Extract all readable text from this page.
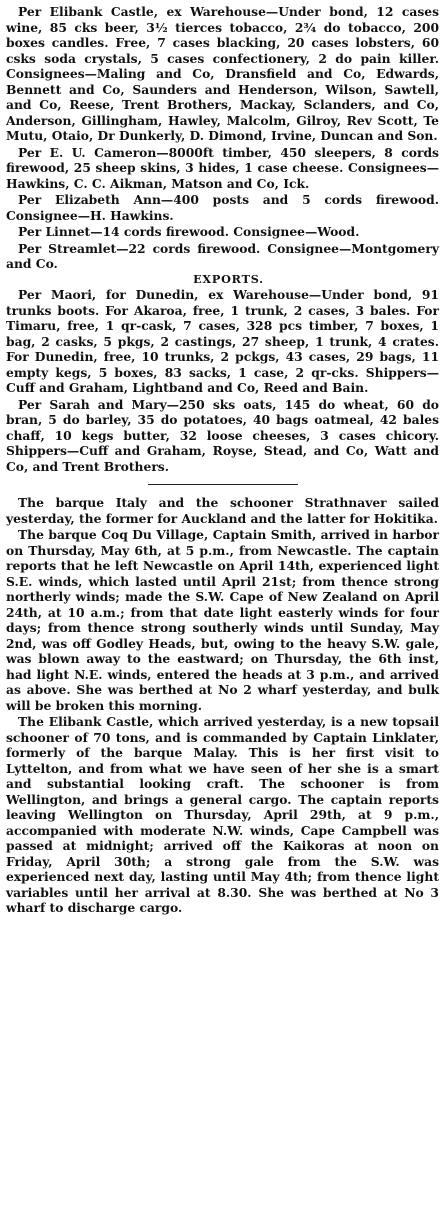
Per Elibank Castle, ex Warehouse—Under bond, 12 cases wine, 85 cks beer, 3½ tierces tobacco, 2¾ do tobacco, 200 boxes candles. Free, 7 cases blacking, 20 cases lobsters, 60 csks soda crystals, 5 cases confectionery, 2 do pain killer. Consignees—Maling and Co, Dransfield and Co, Edwards, Bennett and Co, Saunders and Henderson, Wilson, Sawtell, and Co, Reese, Trent Brothers, Mackay, Sclanders, and Co, Anderson, Gillingham, Hawley, Malcolm, Gilroy, Rev Scott, Te Mutu, Otaio, Dr Dunkerly, D. Dimond, Irvine, Duncan and Son.

Per E. U. Cameron—8000ft timber, 450 sleepers, 8 cords firewood, 25 sheep skins, 3 hides, 1 case cheese. Consignees—Hawkins, C. C. Aikman, Matson and Co, Ick.

Per Elizabeth Ann—400 posts and 5 cords firewood. Consignee—H. Hawkins.

Per Linnet—14 cords firewood. Consignee—Wood.

Per Streamlet—22 cords firewood. Consignee—Montgomery and Co.

EXPORTS.

Per Maori, for Dunedin, ex Warehouse—Under bond, 91 trunks boots. For Akaroa, free, 1 trunk, 2 cases, 3 bales. For Timaru, free, 1 qr-cask, 7 cases, 328 pcs timber, 7 boxes, 1 bag, 2 casks, 5 pkgs, 2 castings, 27 sheep, 1 trunk, 4 crates. For Dunedin, free, 10 trunks, 2 pckgs, 43 cases, 29 bags, 11 empty kegs, 5 boxes, 83 sacks, 1 case, 2 qr-cks. Shippers—Cuff and Graham, Lightband and Co, Reed and Bain.

Per Sarah and Mary—250 sks oats, 145 do wheat, 60 do bran, 5 do barley, 35 do potatoes, 40 bags oatmeal, 42 bales chaff, 10 kegs butter, 32 loose cheeses, 3 cases chicory. Shippers—Cuff and Graham, Royse, Stead, and Co, Watt and Co, and Trent Brothers.

The barque Italy and the schooner Strathnaver sailed yesterday, the former for Auckland and the latter for Hokitika.

The barque Coq Du Village, Captain Smith, arrived in harbor on Thursday, May 6th, at 5 p.m., from Newcastle. The captain reports that he left Newcastle on April 14th, experienced light S.E. winds, which lasted until April 21st; from thence strong northerly winds; made the S.W. Cape of New Zealand on April 24th, at 10 a.m.; from that date light easterly winds for four days; from thence strong southerly winds until Sunday, May 2nd, was off Godley Heads, but, owing to the heavy S.W. gale, was blown away to the eastward; on Thursday, the 6th inst, had light N.E. winds, entered the heads at 3 p.m., and arrived as above. She was berthed at No 2 wharf yesterday, and bulk will be broken this morning.

The Elibank Castle, which arrived yesterday, is a new topsail schooner of 70 tons, and is commanded by Captain Linklater, formerly of the barque Malay. This is her first visit to Lyttelton, and from what we have seen of her she is a smart and substantial looking craft. The schooner is from Wellington, and brings a general cargo. The captain reports leaving Wellington on Thursday, April 29th, at 9 p.m., accompanied with moderate N.W. winds, Cape Campbell was passed at midnight; arrived off the Kaikoras at noon on Friday, April 30th; a strong gale from the S.W. was experienced next day, lasting until May 4th; from thence light variables until her arrival at 8.30. She was berthed at No 3 wharf to discharge cargo.
